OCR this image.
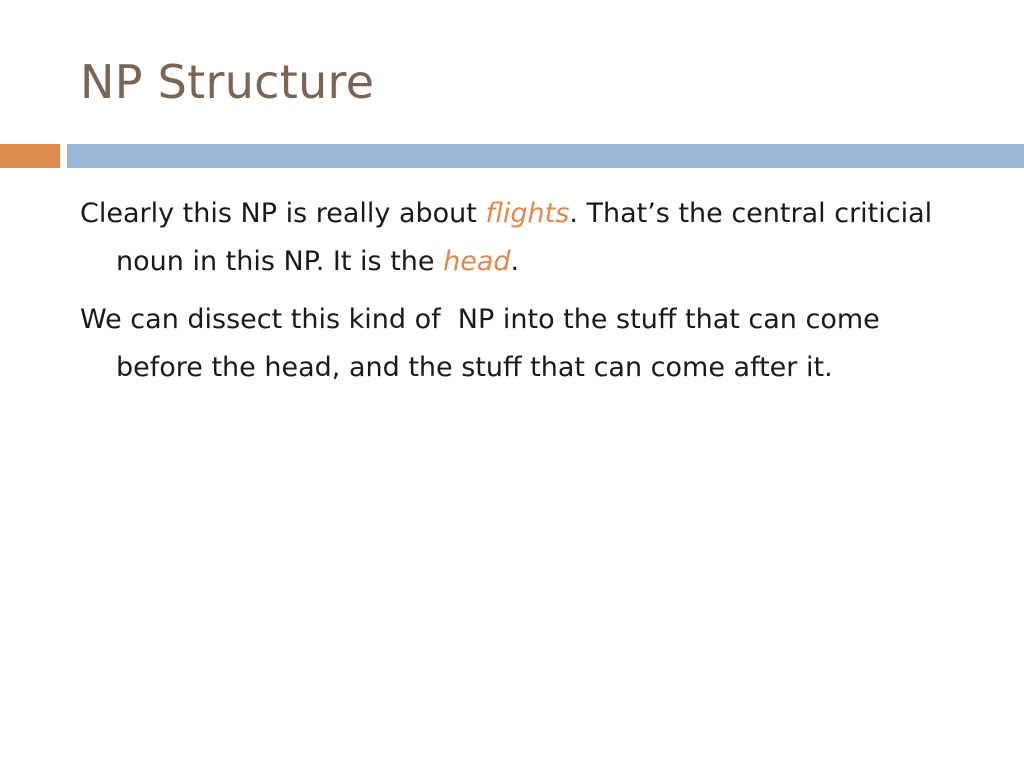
NP Structure

Clearly this NP is really about flights. That’s the central criticial noun in this NP. It is the head.

We can dissect this kind of  NP into the stuff that can come before the head, and the stuff that can come after it.
